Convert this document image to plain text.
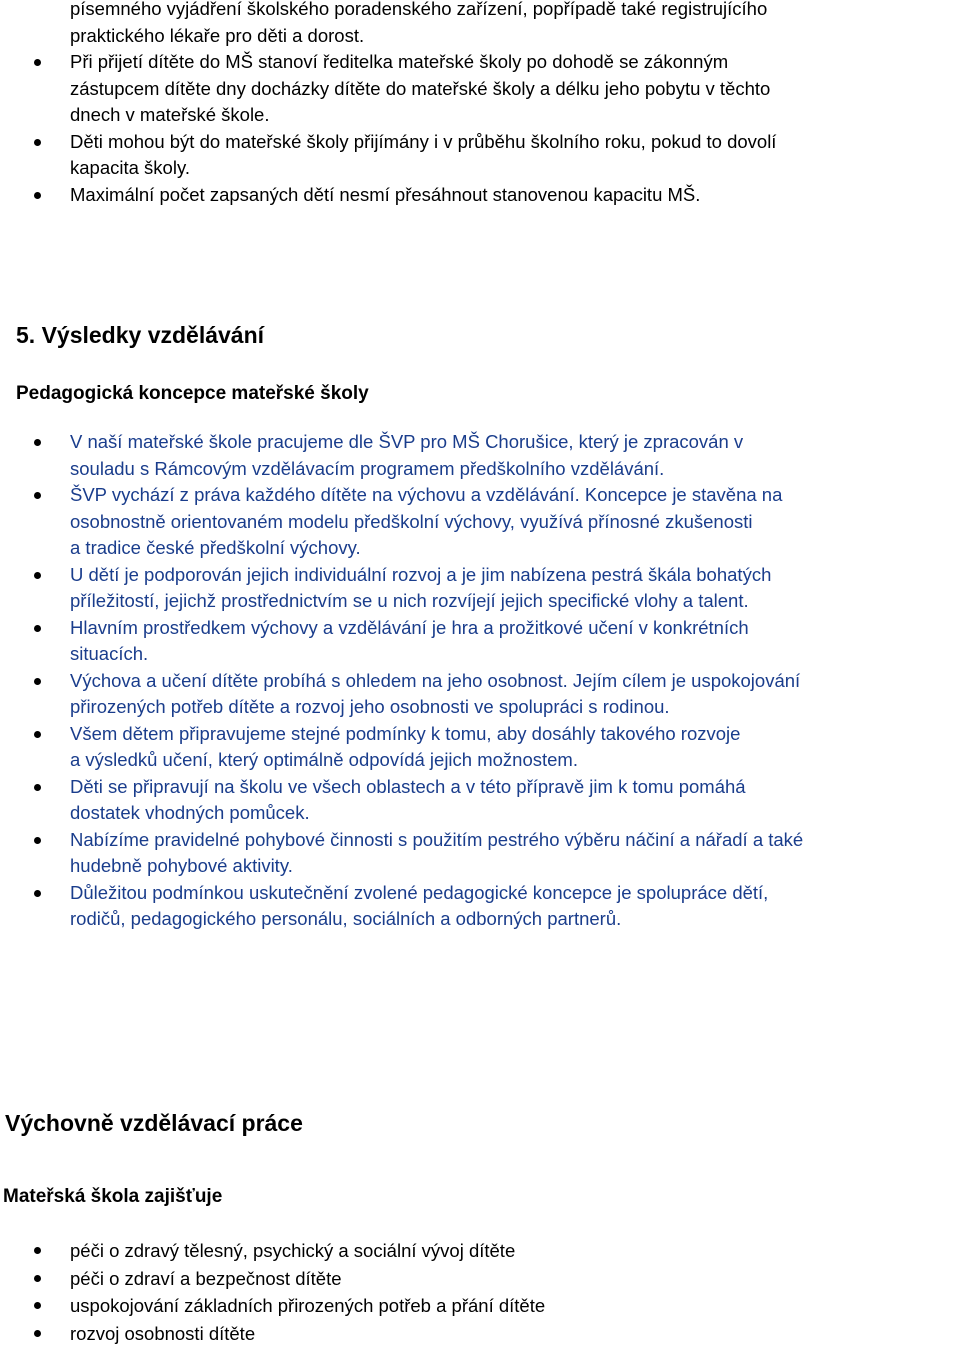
písemného vyjádření školského poradenského zařízení, popřípadě také registrujícího
praktického lékaře pro děti a dorost.
Při přijetí dítěte do MŠ stanoví ředitelka mateřské školy po dohodě se zákonným
zástupcem dítěte dny docházky dítěte do mateřské školy a délku jeho pobytu v těchto
dnech v mateřské škole.
Děti mohou být do mateřské školy přijímány i v průběhu školního roku, pokud to dovolí
kapacita školy.
Maximální počet zapsaných dětí nesmí přesáhnout stanovenou kapacitu MŠ.
5. Výsledky vzdělávání
Pedagogická koncepce mateřské školy
V naší mateřské škole pracujeme dle ŠVP pro MŠ Chorušice, který je zpracován v
souladu s Rámcovým vzdělávacím programem předškolního vzdělávání.
ŠVP vychází z práva každého dítěte na výchovu a vzdělávání. Koncepce je stavěna na
osobnostně orientovaném modelu předškolní výchovy, využívá přínosné zkušenosti
a tradice české předškolní výchovy.
U dětí je podporován jejich individuální rozvoj a je jim nabízena pestrá škála bohatých
příležitostí, jejichž prostřednictvím se u nich rozvíjejí jejich specifické vlohy a talent.
Hlavním prostředkem výchovy a vzdělávání je hra a prožitkové učení v konkrétních
situacích.
Výchova a učení dítěte probíhá s ohledem na jeho osobnost. Jejím cílem je uspokojování
přirozených potřeb dítěte a rozvoj jeho osobnosti ve spolupráci s rodinou.
Všem dětem připravujeme stejné podmínky k tomu, aby dosáhly takového rozvoje
a výsledků učení, který optimálně odpovídá jejich možnostem.
Děti se připravují na školu ve všech oblastech a v této přípravě jim k tomu pomáhá
dostatek vhodných pomůcek.
Nabízíme pravidelné pohybové činnosti s použitím pestrého výběru náčiní a nářadí a také
hudebně pohybové aktivity.
Důležitou podmínkou uskutečnění zvolené pedagogické koncepce je spolupráce dětí,
rodičů, pedagogického personálu, sociálních a odborných partnerů.
Výchovně vzdělávací práce
Mateřská škola zajišťuje
péči o zdravý tělesný, psychický a sociální vývoj dítěte
péči o zdraví a bezpečnost dítěte
uspokojování základních přirozených potřeb a přání dítěte
rozvoj osobnosti dítěte
